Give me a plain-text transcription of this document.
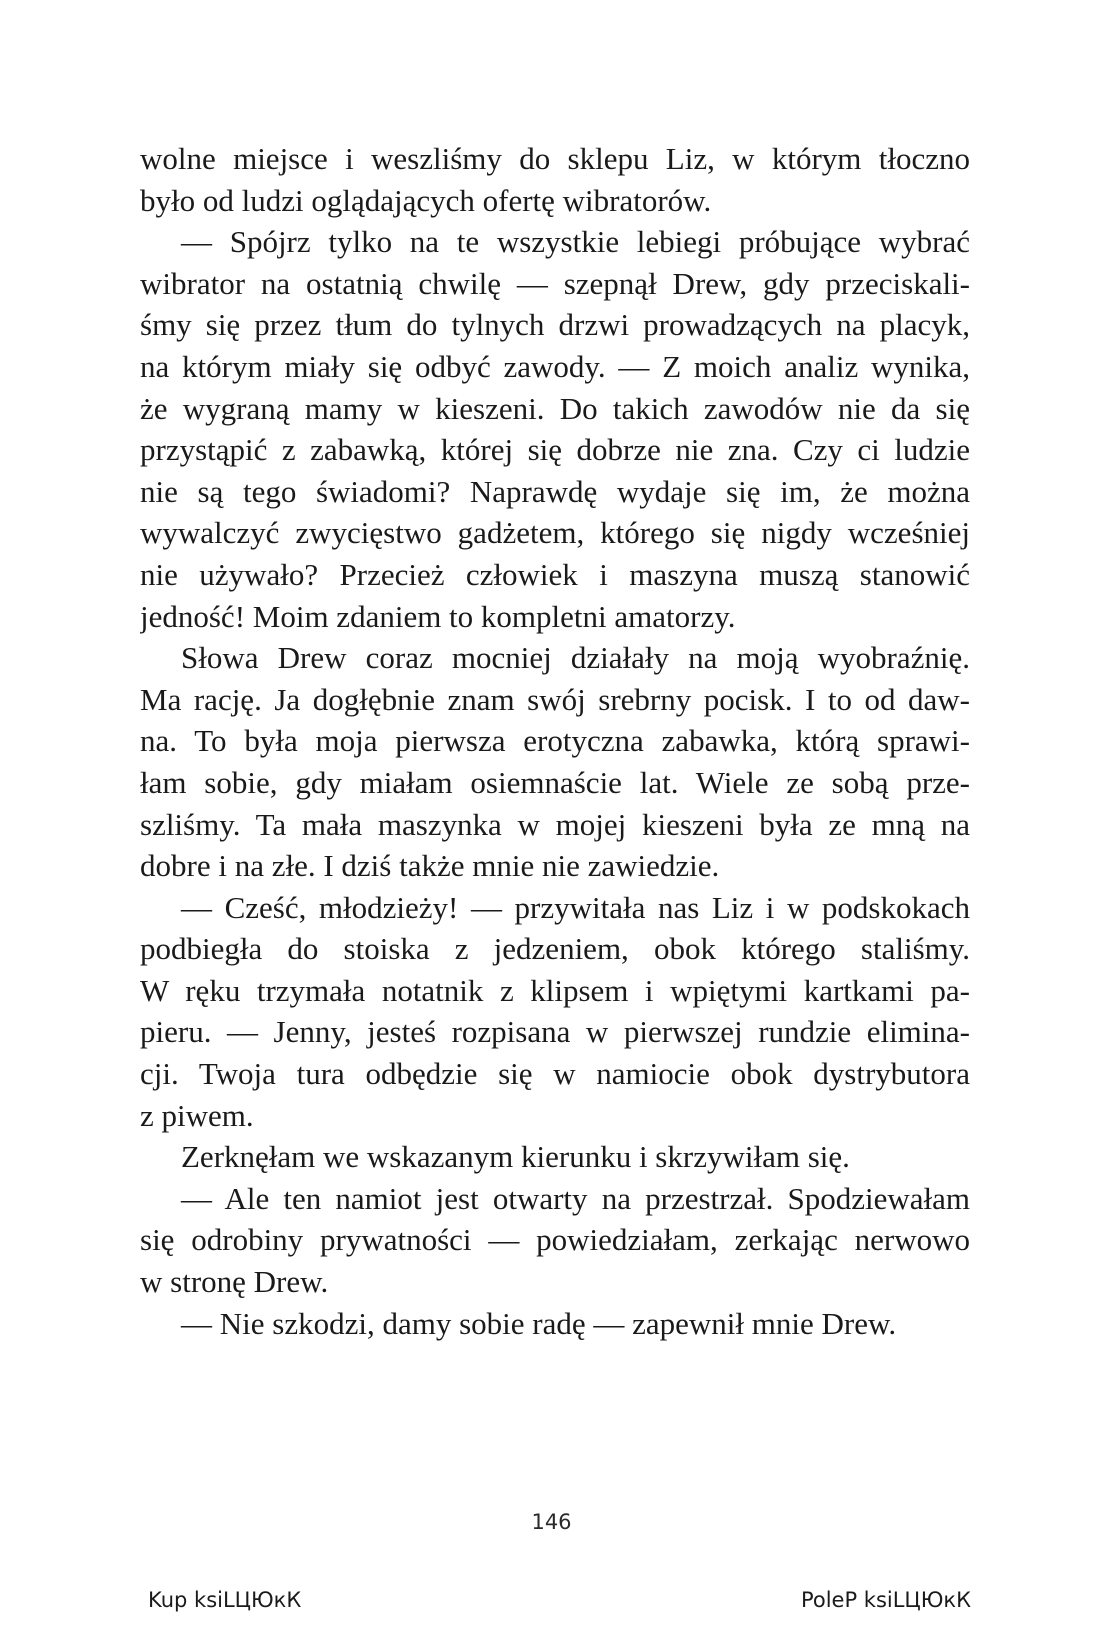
wolne miejsce i weszliśmy do sklepu Liz, w którym tłoczno
było od ludzi oglądających ofertę wibratorów.
— Spójrz tylko na te wszystkie lebiegi próbujące wybrać
wibrator na ostatnią chwilę — szepnął Drew, gdy przeciskali-
śmy się przez tłum do tylnych drzwi prowadzących na placyk,
na którym miały się odbyć zawody. — Z moich analiz wynika,
że wygraną mamy w kieszeni. Do takich zawodów nie da się
przystąpić z zabawką, której się dobrze nie zna. Czy ci ludzie
nie są tego świadomi? Naprawdę wydaje się im, że można
wywalczyć zwycięstwo gadżetem, którego się nigdy wcześniej
nie używało? Przecież człowiek i maszyna muszą stanowić
jedność! Moim zdaniem to kompletni amatorzy.
Słowa Drew coraz mocniej działały na moją wyobraźnię.
Ma rację. Ja dogłębnie znam swój srebrny pocisk. I to od daw-
na. To była moja pierwsza erotyczna zabawka, którą sprawi-
łam sobie, gdy miałam osiemnaście lat. Wiele ze sobą prze-
szliśmy. Ta mała maszynka w mojej kieszeni była ze mną na
dobre i na złe. I dziś także mnie nie zawiedzie.
— Cześć, młodzieży! — przywitała nas Liz i w podskokach
podbiegła do stoiska z jedzeniem, obok którego staliśmy.
W ręku trzymała notatnik z klipsem i wpiętymi kartkami pa-
pieru. — Jenny, jesteś rozpisana w pierwszej rundzie elimina-
cji. Twoja tura odbędzie się w namiocie obok dystrybutora
z piwem.
Zerknęłam we wskazanym kierunku i skrzywiłam się.
— Ale ten namiot jest otwarty na przestrzał. Spodziewałam
się odrobiny prywatności — powiedziałam, zerkając nerwowo
w stronę Drew.
— Nie szkodzi, damy sobie radę — zapewnił mnie Drew.
146
Kup ksiLЦЮкК	PoleP ksiLЦЮкК
